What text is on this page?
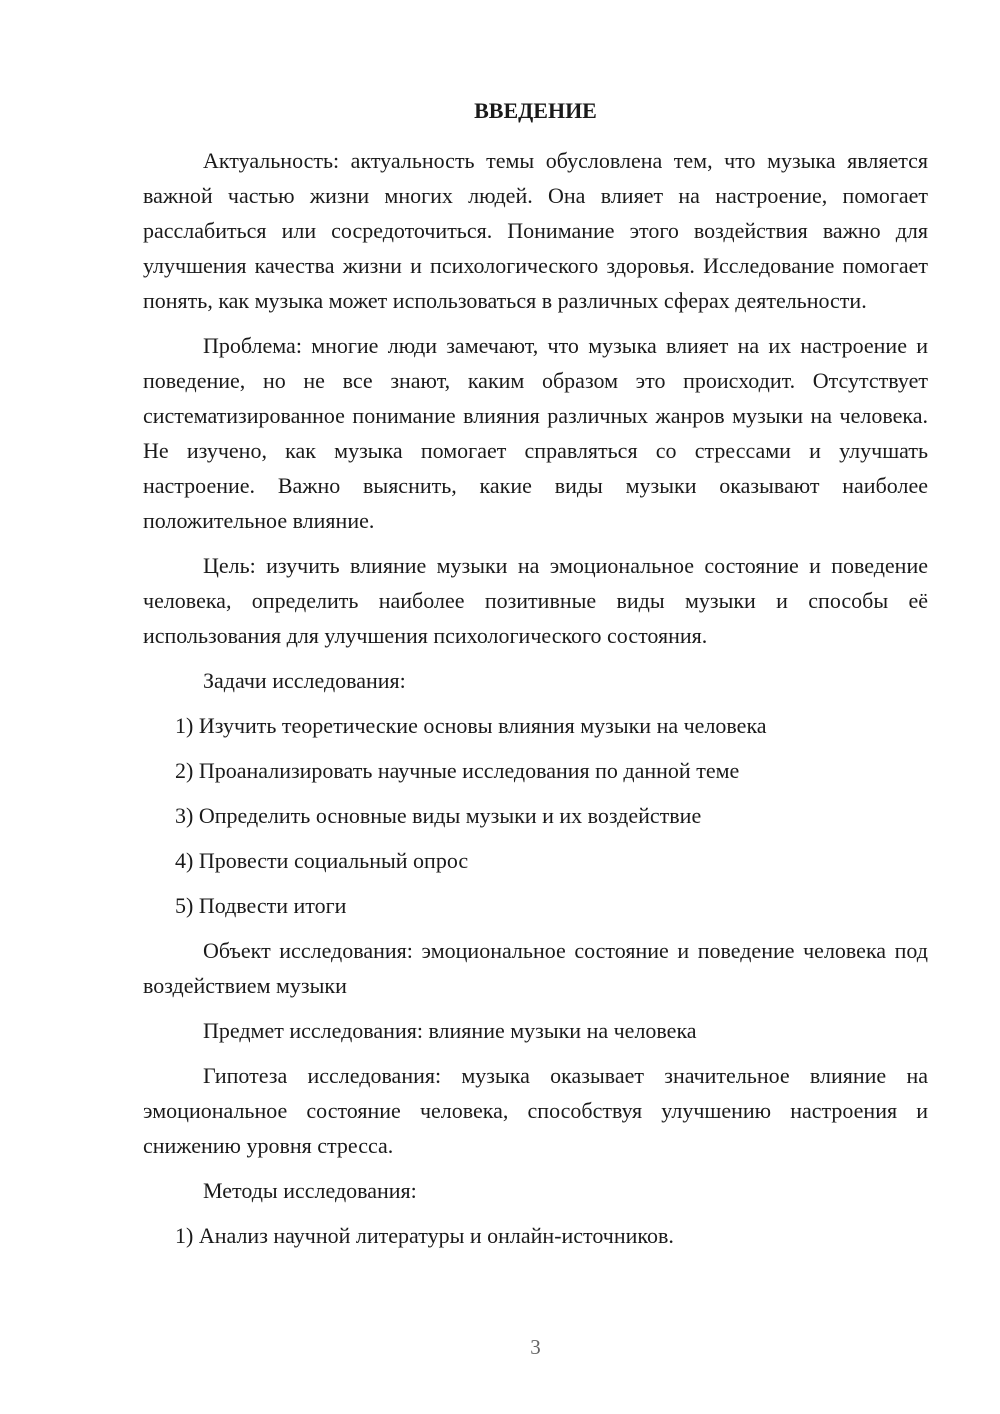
ВВЕДЕНИЕ

Актуальность: актуальность темы обусловлена тем, что музыка является важной частью жизни многих людей. Она влияет на настроение, помогает расслабиться или сосредоточиться. Понимание этого воздействия важно для улучшения качества жизни и психологического здоровья. Исследование помогает понять, как музыка может использоваться в различных сферах деятельности.

Проблема: многие люди замечают, что музыка влияет на их настроение и поведение, но не все знают, каким образом это происходит. Отсутствует систематизированное понимание влияния различных жанров музыки на человека. Не изучено, как музыка помогает справляться со стрессами и улучшать настроение. Важно выяснить, какие виды музыки оказывают наиболее положительное влияние.

Цель: изучить влияние музыки на эмоциональное состояние и поведение человека, определить наиболее позитивные виды музыки и способы её использования для улучшения психологического состояния.

Задачи исследования:

1) Изучить теоретические основы влияния музыки на человека

2) Проанализировать научные исследования по данной теме

3) Определить основные виды музыки и их воздействие

4) Провести социальный опрос

5) Подвести итоги

Объект исследования: эмоциональное состояние и поведение человека под воздействием музыки

Предмет исследования: влияние музыки на человека

Гипотеза исследования: музыка оказывает значительное влияние на эмоциональное состояние человека, способствуя улучшению настроения и снижению уровня стресса.

Методы исследования:

1) Анализ научной литературы и онлайн-источников.

3
